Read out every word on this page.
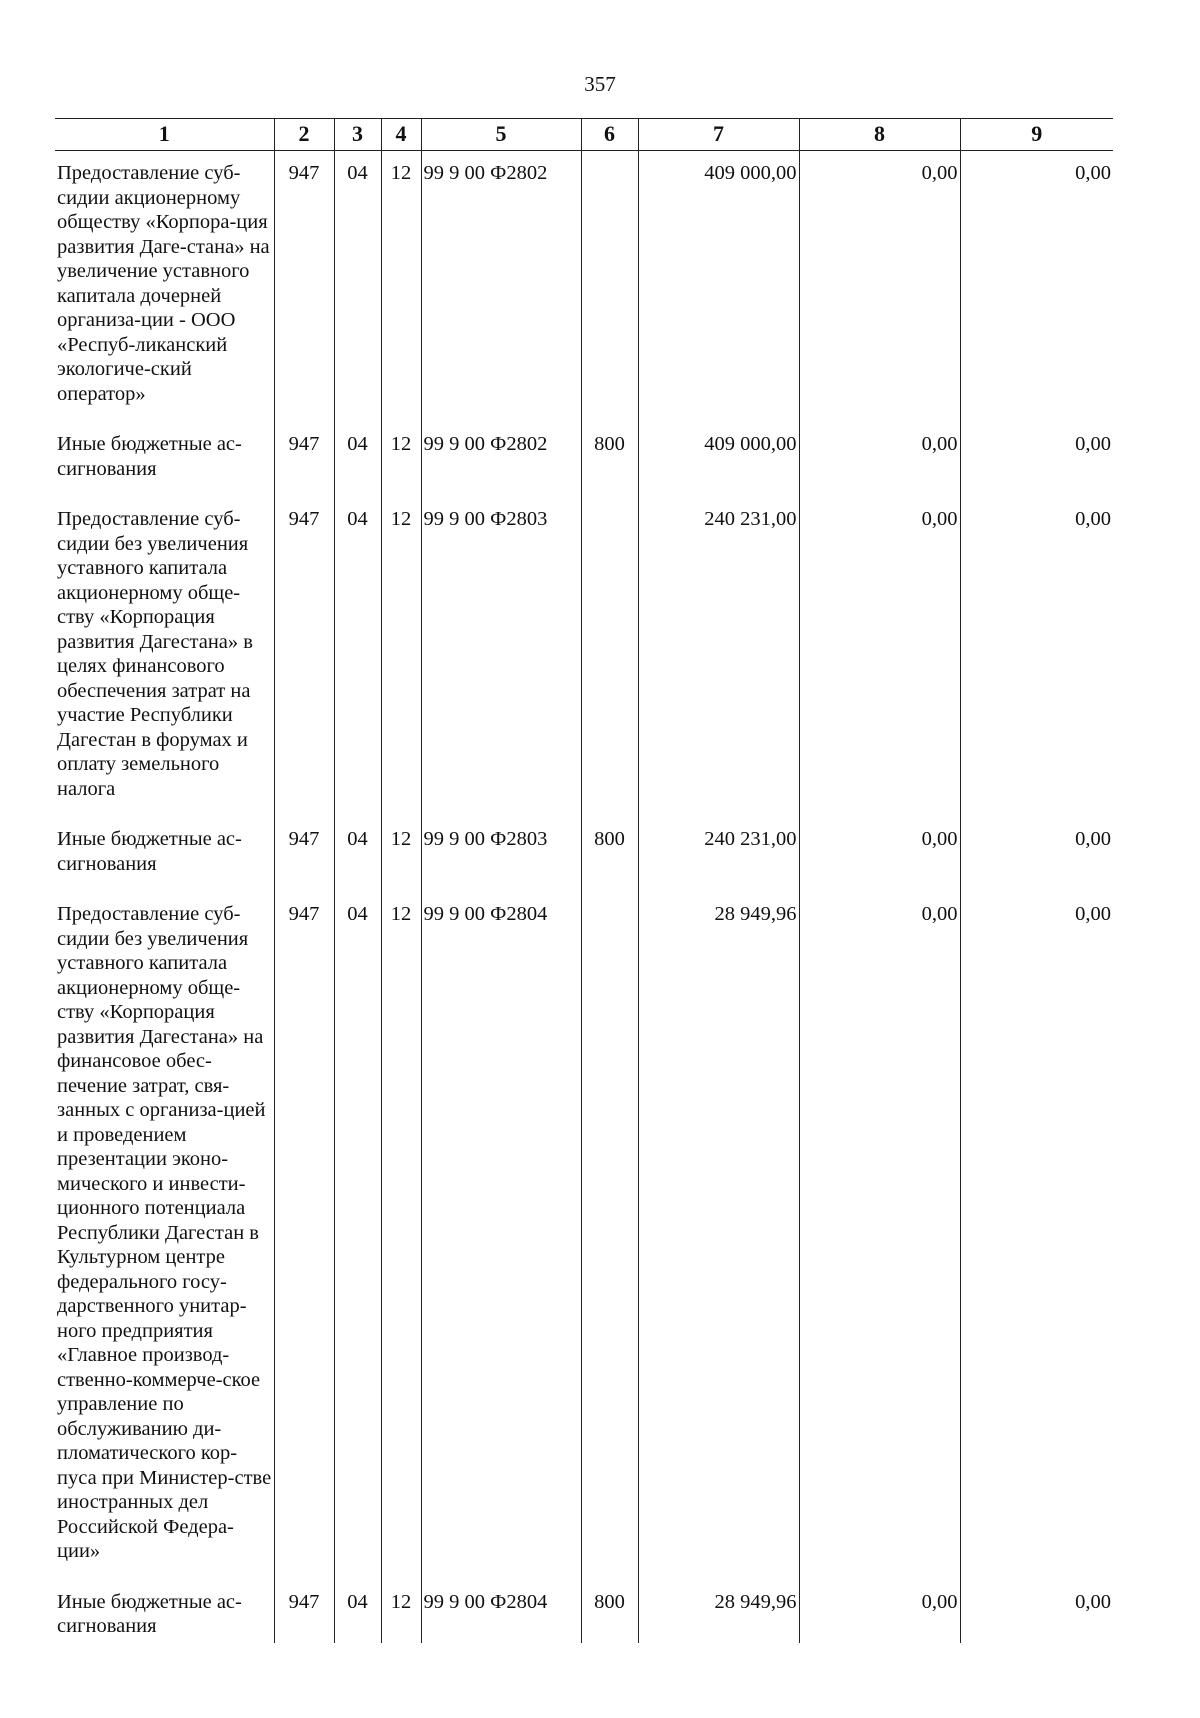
357
1	2	3	4	5	6	7	8	9
Предоставление суб-сидии акционерному обществу «Корпора-ция развития Даге-стана» на увеличение уставного капитала дочерней организа-ции - ООО «Респуб-ликанский экологиче-ский оператор»	947	04	12	99 9 00 Ф2802		409 000,00	0,00	0,00
Иные бюджетные ас-сигнования	947	04	12	99 9 00 Ф2802	800	409 000,00	0,00	0,00
Предоставление суб-сидии без увеличения уставного капитала акционерному обще-ству «Корпорация развития Дагестана» в целях финансового обеспечения затрат на участие Республики Дагестан в форумах и оплату земельного налога	947	04	12	99 9 00 Ф2803		240 231,00	0,00	0,00
Иные бюджетные ас-сигнования	947	04	12	99 9 00 Ф2803	800	240 231,00	0,00	0,00
Предоставление суб-сидии без увеличения уставного капитала акционерному обще-ству «Корпорация развития Дагестана» на финансовое обес-печение затрат, свя-занных с организа-цией и проведением презентации эконо-мического и инвести-ционного потенциала Республики Дагестан в Культурном центре федерального госу-дарственного унитар-ного предприятия «Главное производ-ственно-коммерче-ское управление по обслуживанию ди-пломатического кор-пуса при Министер-стве иностранных дел Российской Федера-ции»	947	04	12	99 9 00 Ф2804		28 949,96	0,00	0,00
Иные бюджетные ас-сигнования	947	04	12	99 9 00 Ф2804	800	28 949,96	0,00	0,00
